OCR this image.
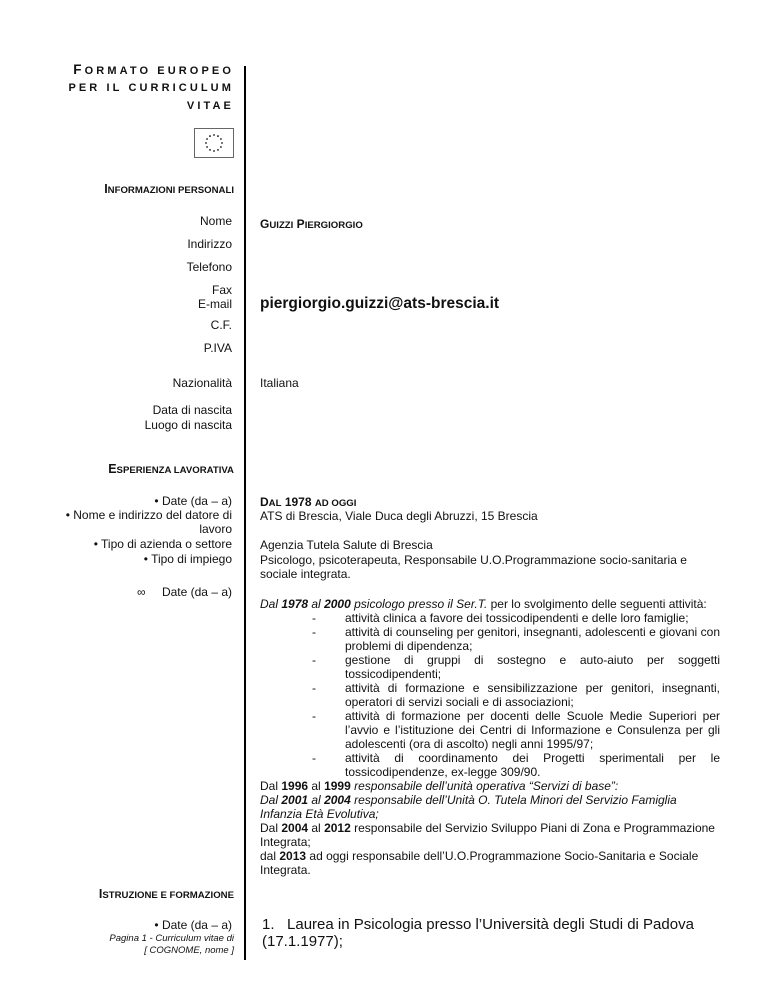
FORMATO EUROPEO
PER IL CURRICULUM
VITAE
INFORMAZIONI PERSONALI
Nome GUIZZI PIERGIORGIO
Indirizzo
Telefono
Fax
E-mail piergiorgio.guizzi@ats-brescia.it
C.F.
P.IVA
Nazionalità Italiana
Data di nascita
Luogo di nascita
ESPERIENZA LAVORATIVA
• Date (da – a)
• Nome e indirizzo del datore di
lavoro
• Tipo di azienda o settore
• Tipo di impiego
∞	Date (da – a)
DAL 1978 AD OGGI
ATS di Brescia, Viale Duca degli Abruzzi, 15 Brescia
Agenzia Tutela Salute di Brescia
Psicologo, psicoterapeuta, Responsabile U.O.Programmazione socio-sanitaria e sociale integrata.
Dal 1978 al 2000 psicologo presso il Ser.T. per lo svolgimento delle seguenti attività:
- attività clinica a favore dei tossicodipendenti e delle loro famiglie;
- attività di counseling per genitori, insegnanti, adolescenti e giovani con problemi di dipendenza;
- gestione di gruppi di sostegno e auto-aiuto per soggetti tossicodipendenti;
- attività di formazione e sensibilizzazione per genitori, insegnanti, operatori di servizi sociali e di associazioni;
- attività di formazione per docenti delle Scuole Medie Superiori per l’avvio e l’istituzione dei Centri di Informazione e Consulenza per gli adolescenti (ora di ascolto) negli anni 1995/97;
- attività di coordinamento dei Progetti sperimentali per le tossicodipendenze, ex-legge 309/90.
Dal 1996 al 1999 responsabile dell’unità operativa “Servizi di base”:
Dal 2001 al 2004 responsabile dell’Unità O. Tutela Minori del Servizio Famiglia Infanzia Età Evolutiva;
Dal 2004 al 2012 responsabile del Servizio Sviluppo Piani di Zona e Programmazione Integrata;
dal 2013 ad oggi responsabile dell’U.O.Programmazione Socio-Sanitaria e Sociale Integrata.
ISTRUZIONE E FORMAZIONE
• Date (da – a) 1. Laurea in Psicologia presso l’Università degli Studi di Padova (17.1.1977);
Pagina 1 - Curriculum vitae di
[ COGNOME, nome ]
